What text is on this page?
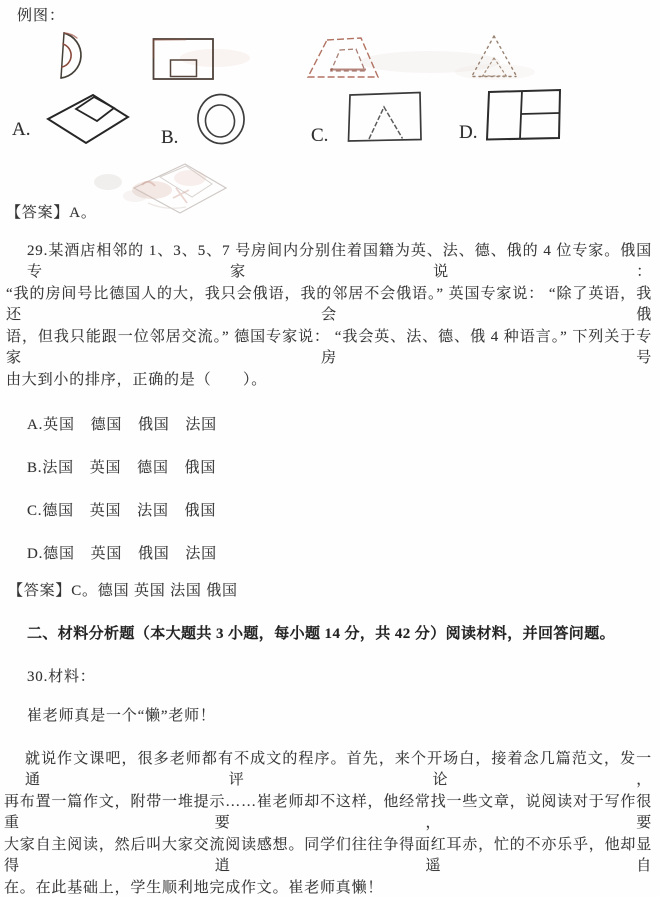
例图：
A.	B.	C.	D.
【答案】A。
29.某酒店相邻的 1、3、5、7 号房间内分别住着国籍为英、法、德、俄的 4 位专家。俄国专家说：
“我的房间号比德国人的大，我只会俄语，我的邻居不会俄语。” 英国专家说： “除了英语，我还会俄
语，但我只能跟一位邻居交流。” 德国专家说： “我会英、法、德、俄 4 种语言。” 下列关于专家房号
由大到小的排序，正确的是（　　）。
A.英国　德国　俄国　法国
B.法国　英国　德国　俄国
C.德国　英国　法国　俄国
D.德国　英国　俄国　法国
【答案】C。德国 英国 法国 俄国
二、材料分析题（本大题共 3 小题，每小题 14 分，共 42 分）阅读材料，并回答问题。
30.材料：
崔老师真是一个“懒”老师！
就说作文课吧，很多老师都有不成文的程序。首先，来个开场白，接着念几篇范文，发一通评论，
再布置一篇作文，附带一堆提示……崔老师却不这样，他经常找一些文章，说阅读对于写作很重要，要
大家自主阅读，然后叫大家交流阅读感想。同学们往往争得面红耳赤，忙的不亦乐乎，他却显得逍遥自
在。在此基础上，学生顺利地完成作文。崔老师真懒！
